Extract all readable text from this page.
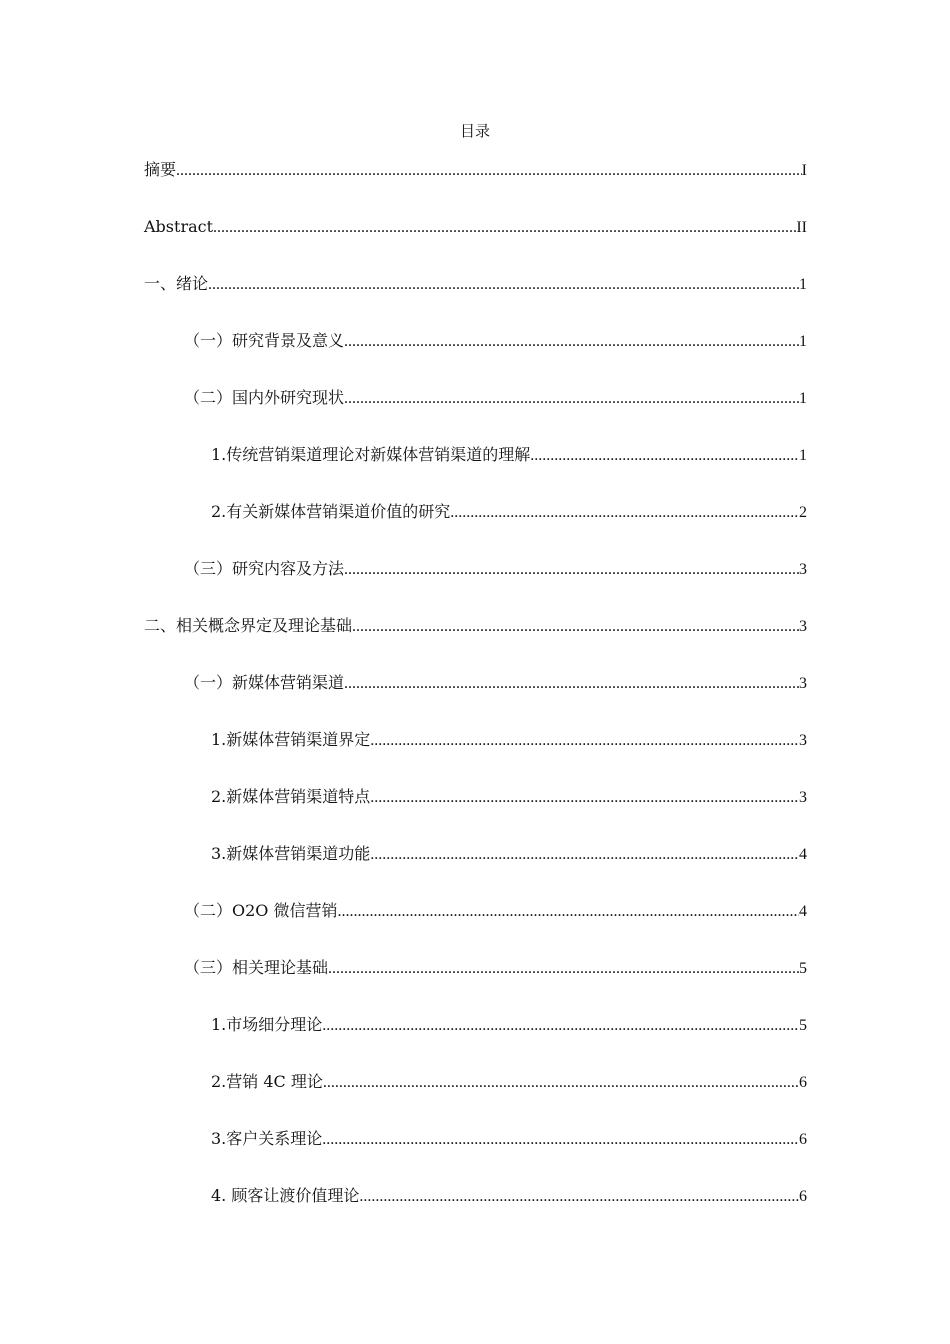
目录
摘要 .....	I
Abstract .....	II
一、绪论 .....	1
（一）研究背景及意义 .....	1
（二）国内外研究现状 .....	1
1.传统营销渠道理论对新媒体营销渠道的理解 .....	1
2.有关新媒体营销渠道价值的研究 .....	2
（三）研究内容及方法 .....	3
二、相关概念界定及理论基础 .....	3
（一）新媒体营销渠道 .....	3
1.新媒体营销渠道界定 .....	3
2.新媒体营销渠道特点 .....	3
3.新媒体营销渠道功能 .....	4
（二）O2O 微信营销 .....	4
（三）相关理论基础 .....	5
1.市场细分理论 .....	5
2.营销 4C 理论 .....	6
3.客户关系理论 .....	6
4. 顾客让渡价值理论 .....	6
